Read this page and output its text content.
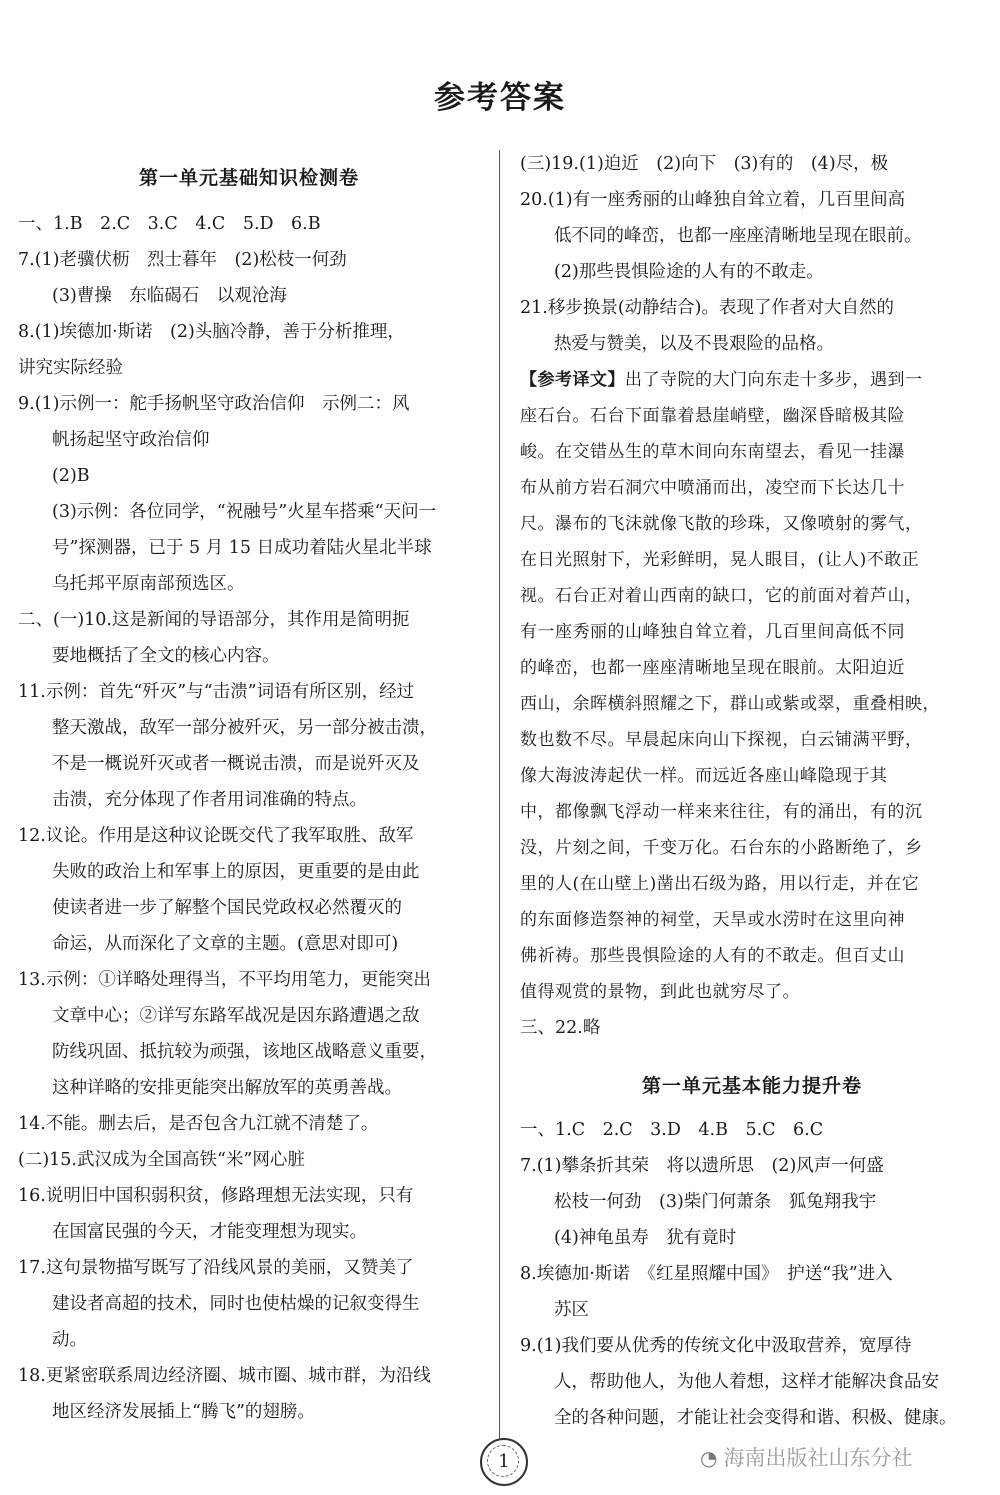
参考答案
第一单元基础知识检测卷

一、1.B　2.C　3.C　4.C　5.D　6.B

7.(1)老骥伏枥　烈士暮年　(2)松枝一何劲

(3)曹操　东临碣石　以观沧海

8.(1)埃德加·斯诺　(2)头脑冷静，善于分析推理，

讲究实际经验

9.(1)示例一：舵手扬帆坚守政治信仰　示例二：风

帆扬起坚守政治信仰

(2)B

(3)示例：各位同学，“祝融号”火星车搭乘“天问一

号”探测器，已于 5 月 15 日成功着陆火星北半球

乌托邦平原南部预选区。

二、(一)10.这是新闻的导语部分，其作用是简明扼

要地概括了全文的核心内容。

11.示例：首先“歼灭”与“击溃”词语有所区别，经过

整天激战，敌军一部分被歼灭，另一部分被击溃，

不是一概说歼灭或者一概说击溃，而是说歼灭及

击溃，充分体现了作者用词准确的特点。

12.议论。作用是这种议论既交代了我军取胜、敌军

失败的政治上和军事上的原因，更重要的是由此

使读者进一步了解整个国民党政权必然覆灭的

命运，从而深化了文章的主题。(意思对即可)

13.示例：①详略处理得当，不平均用笔力，更能突出

文章中心；②详写东路军战况是因东路遭遇之敌

防线巩固、抵抗较为顽强，该地区战略意义重要，

这种详略的安排更能突出解放军的英勇善战。

14.不能。删去后，是否包含九江就不清楚了。

(二)15.武汉成为全国高铁“米”网心脏

16.说明旧中国积弱积贫，修路理想无法实现，只有

在国富民强的今天，才能变理想为现实。

17.这句景物描写既写了沿线风景的美丽，又赞美了

建设者高超的技术，同时也使枯燥的记叙变得生

动。

18.更紧密联系周边经济圈、城市圈、城市群，为沿线

地区经济发展插上“腾飞”的翅膀。

(三)19.(1)迫近　(2)向下　(3)有的　(4)尽，极

20.(1)有一座秀丽的山峰独自耸立着，几百里间高

低不同的峰峦，也都一座座清晰地呈现在眼前。

(2)那些畏惧险途的人有的不敢走。

21.移步换景(动静结合)。表现了作者对大自然的

热爱与赞美，以及不畏艰险的品格。

【参考译文】出了寺院的大门向东走十多步，遇到一

座石台。石台下面靠着悬崖峭壁，幽深昏暗极其险

峻。在交错丛生的草木间向东南望去，看见一挂瀑

布从前方岩石洞穴中喷涌而出，凌空而下长达几十

尺。瀑布的飞沫就像飞散的珍珠，又像喷射的雾气，

在日光照射下，光彩鲜明，晃人眼目，(让人)不敢正

视。石台正对着山西南的缺口，它的前面对着芦山，

有一座秀丽的山峰独自耸立着，几百里间高低不同

的峰峦，也都一座座清晰地呈现在眼前。太阳迫近

西山，余晖横斜照耀之下，群山或紫或翠，重叠相映，

数也数不尽。早晨起床向山下探视，白云铺满平野，

像大海波涛起伏一样。而远近各座山峰隐现于其

中，都像飘飞浮动一样来来往往，有的涌出，有的沉

没，片刻之间，千变万化。石台东的小路断绝了，乡

里的人(在山壁上)凿出石级为路，用以行走，并在它

的东面修造祭神的祠堂，天旱或水涝时在这里向神

佛祈祷。那些畏惧险途的人有的不敢走。但百丈山

值得观赏的景物，到此也就穷尽了。

三、22.略

第一单元基本能力提升卷

一、1.C　2.C　3.D　4.B　5.C　6.C

7.(1)攀条折其荣　将以遗所思　(2)风声一何盛

松枝一何劲　(3)柴门何萧条　狐兔翔我宇

(4)神龟虽寿　犹有竟时

8.埃德加·斯诺　《红星照耀中国》　护送“我”进入

苏区

9.(1)我们要从优秀的传统文化中汲取营养，宽厚待

人，帮助他人，为他人着想，这样才能解决食品安

全的各种问题，才能让社会变得和谐、积极、健康。

1	◔ 海南出版社山东分社
